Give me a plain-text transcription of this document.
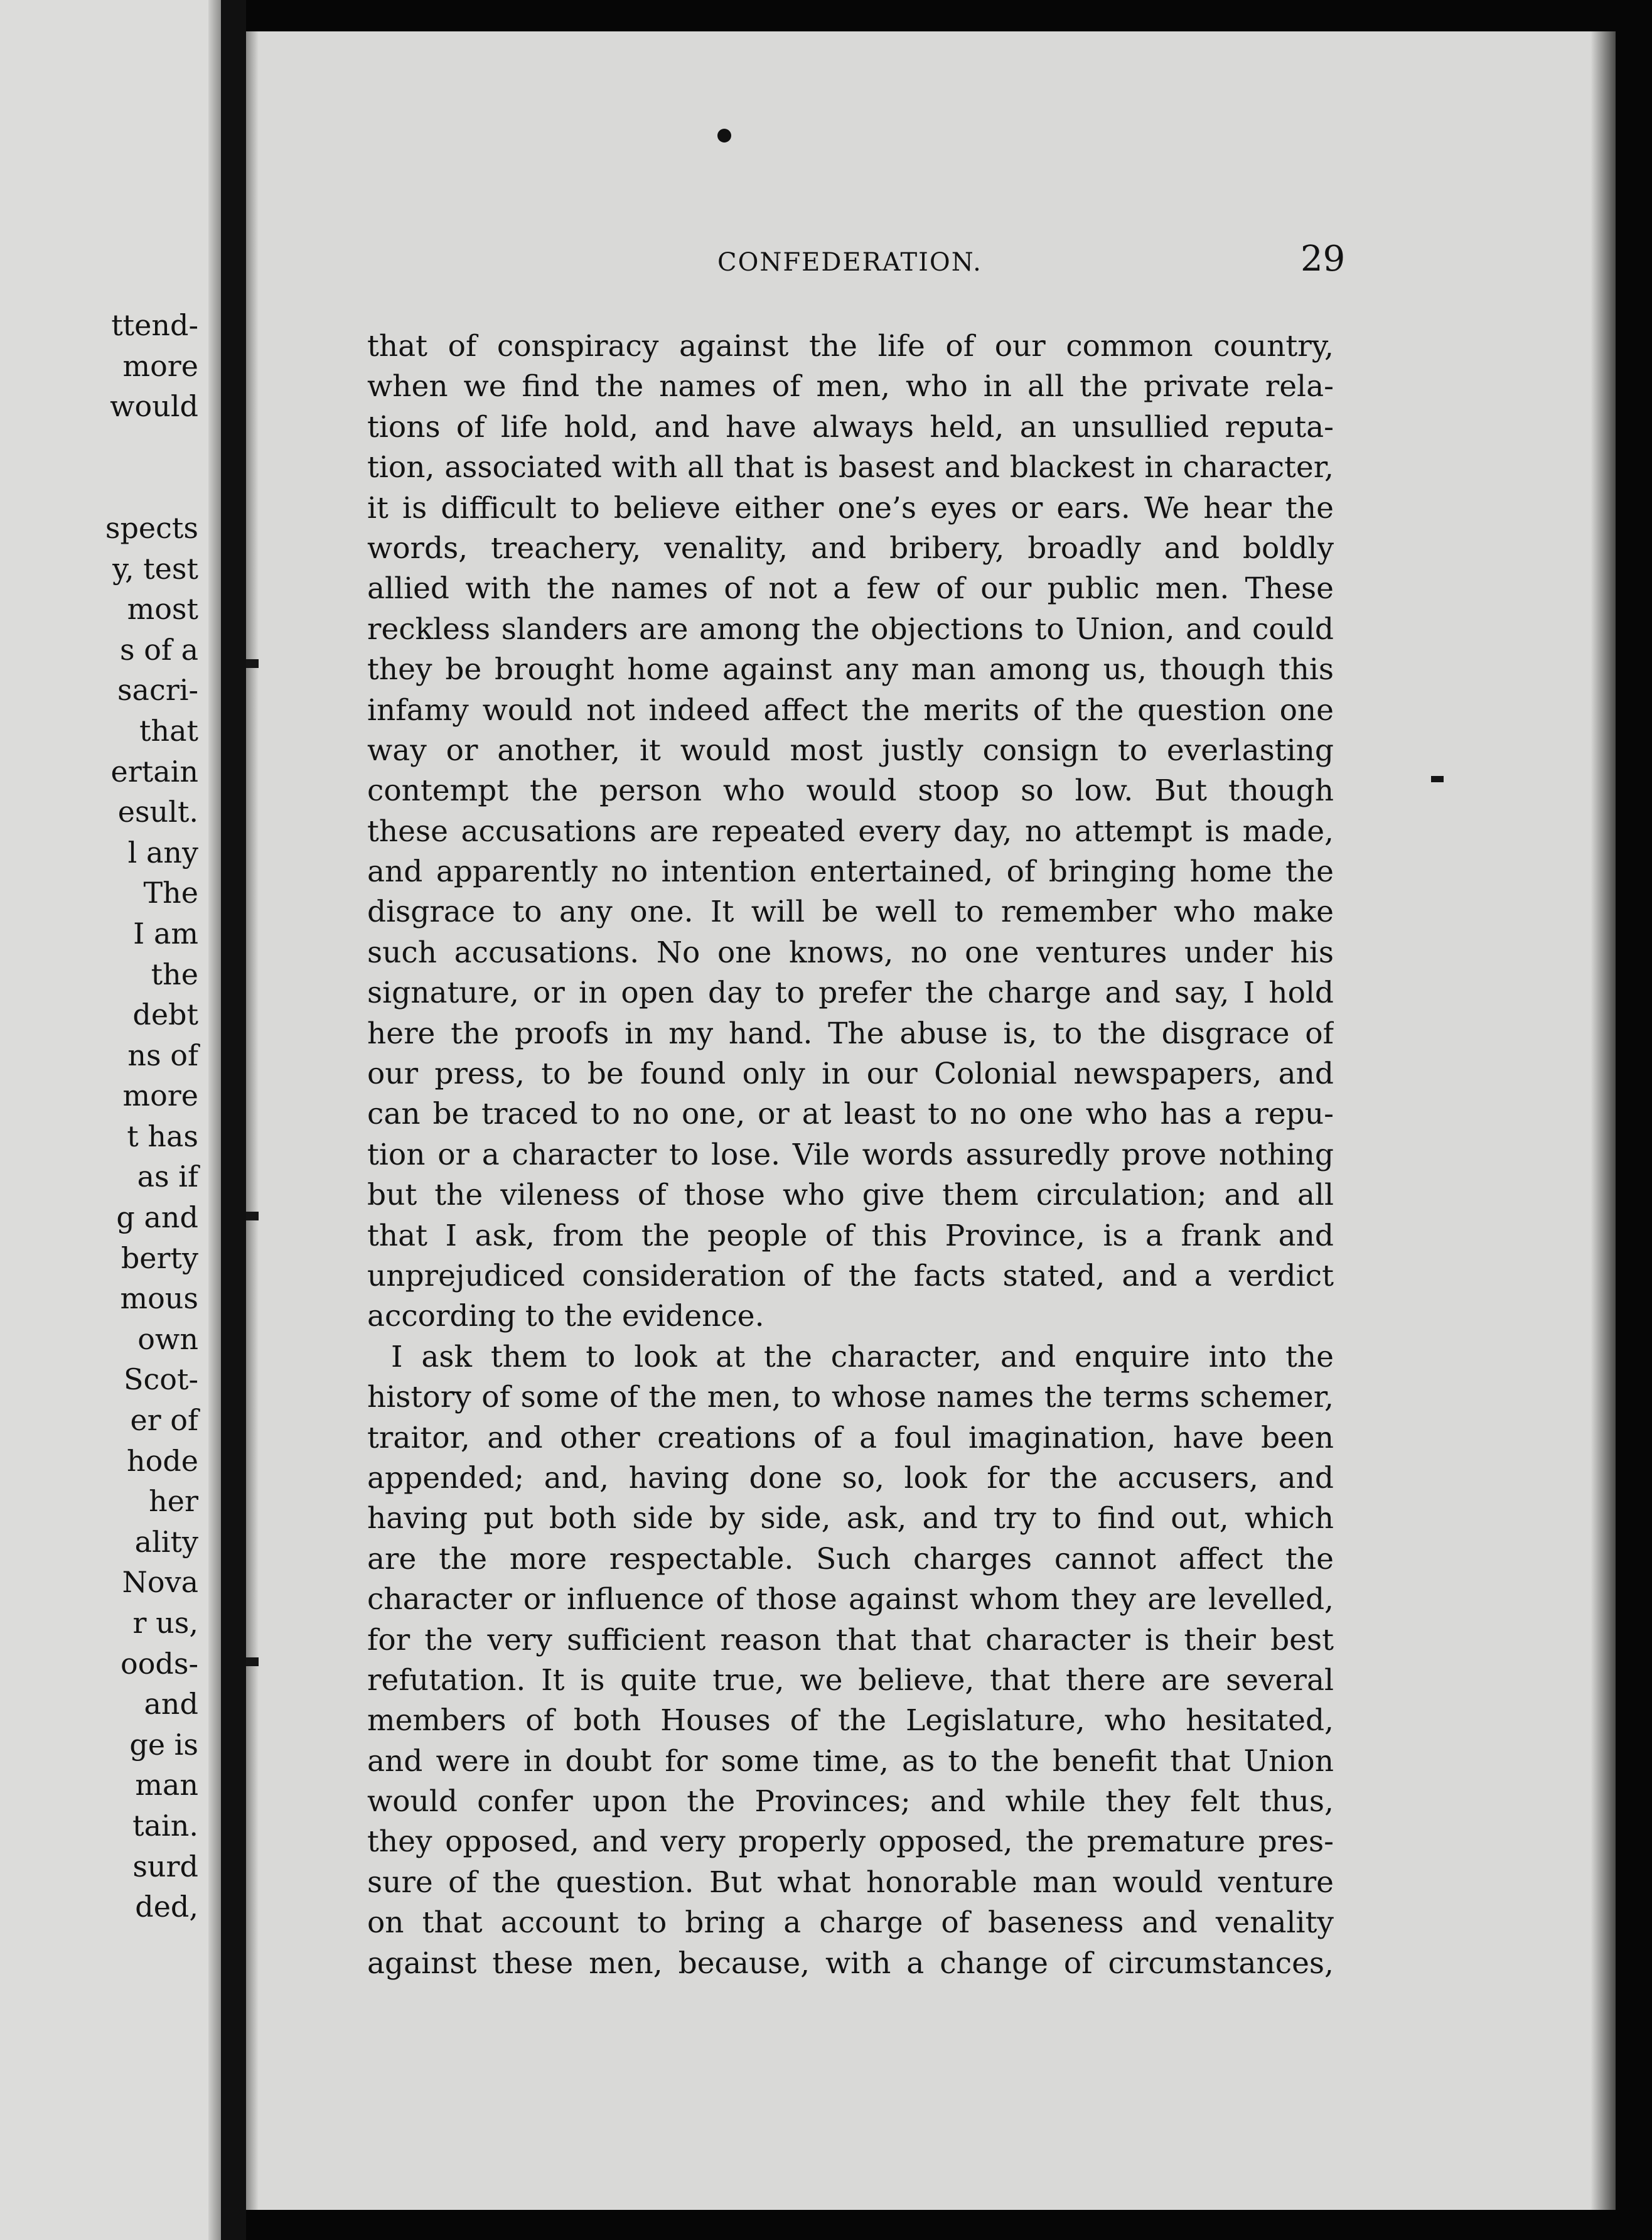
ttend-
more
would
spects
y, test
most
s of a
sacri-
that
ertain
esult.
l any
The
I am
the
debt
ns of
more
t has
as if
g and
berty
mous
own
Scot-
er of
hode
her
ality
Nova
r us,
oods-
and
ge is
man
tain.
surd
ded,
CONFEDERATION.	29
that of conspiracy against the life of our common country,
when we find the names of men, who in all the private rela-
tions of life hold, and have always held, an unsullied reputa-
tion, associated with all that is basest and blackest in character,
it is difficult to believe either one’s eyes or ears. We hear the
words, treachery, venality, and bribery, broadly and boldly
allied with the names of not a few of our public men. These
reckless slanders are among the objections to Union, and could
they be brought home against any man among us, though this
infamy would not indeed affect the merits of the question one
way or another, it would most justly consign to everlasting
contempt the person who would stoop so low. But though
these accusations are repeated every day, no attempt is made,
and apparently no intention entertained, of bringing home the
disgrace to any one. It will be well to remember who make
such accusations. No one knows, no one ventures under his
signature, or in open day to prefer the charge and say, I hold
here the proofs in my hand. The abuse is, to the disgrace of
our press, to be found only in our Colonial newspapers, and
can be traced to no one, or at least to no one who has a repu-
tion or a character to lose. Vile words assuredly prove nothing
but the vileness of those who give them circulation; and all
that I ask, from the people of this Province, is a frank and
unprejudiced consideration of the facts stated, and a verdict
according to the evidence.
I ask them to look at the character, and enquire into the
history of some of the men, to whose names the terms schemer,
traitor, and other creations of a foul imagination, have been
appended; and, having done so, look for the accusers, and
having put both side by side, ask, and try to find out, which
are the more respectable. Such charges cannot affect the
character or influence of those against whom they are levelled,
for the very sufficient reason that that character is their best
refutation. It is quite true, we believe, that there are several
members of both Houses of the Legislature, who hesitated,
and were in doubt for some time, as to the benefit that Union
would confer upon the Provinces; and while they felt thus,
they opposed, and very properly opposed, the premature pres-
sure of the question. But what honorable man would venture
on that account to bring a charge of baseness and venality
against these men, because, with a change of circumstances,
